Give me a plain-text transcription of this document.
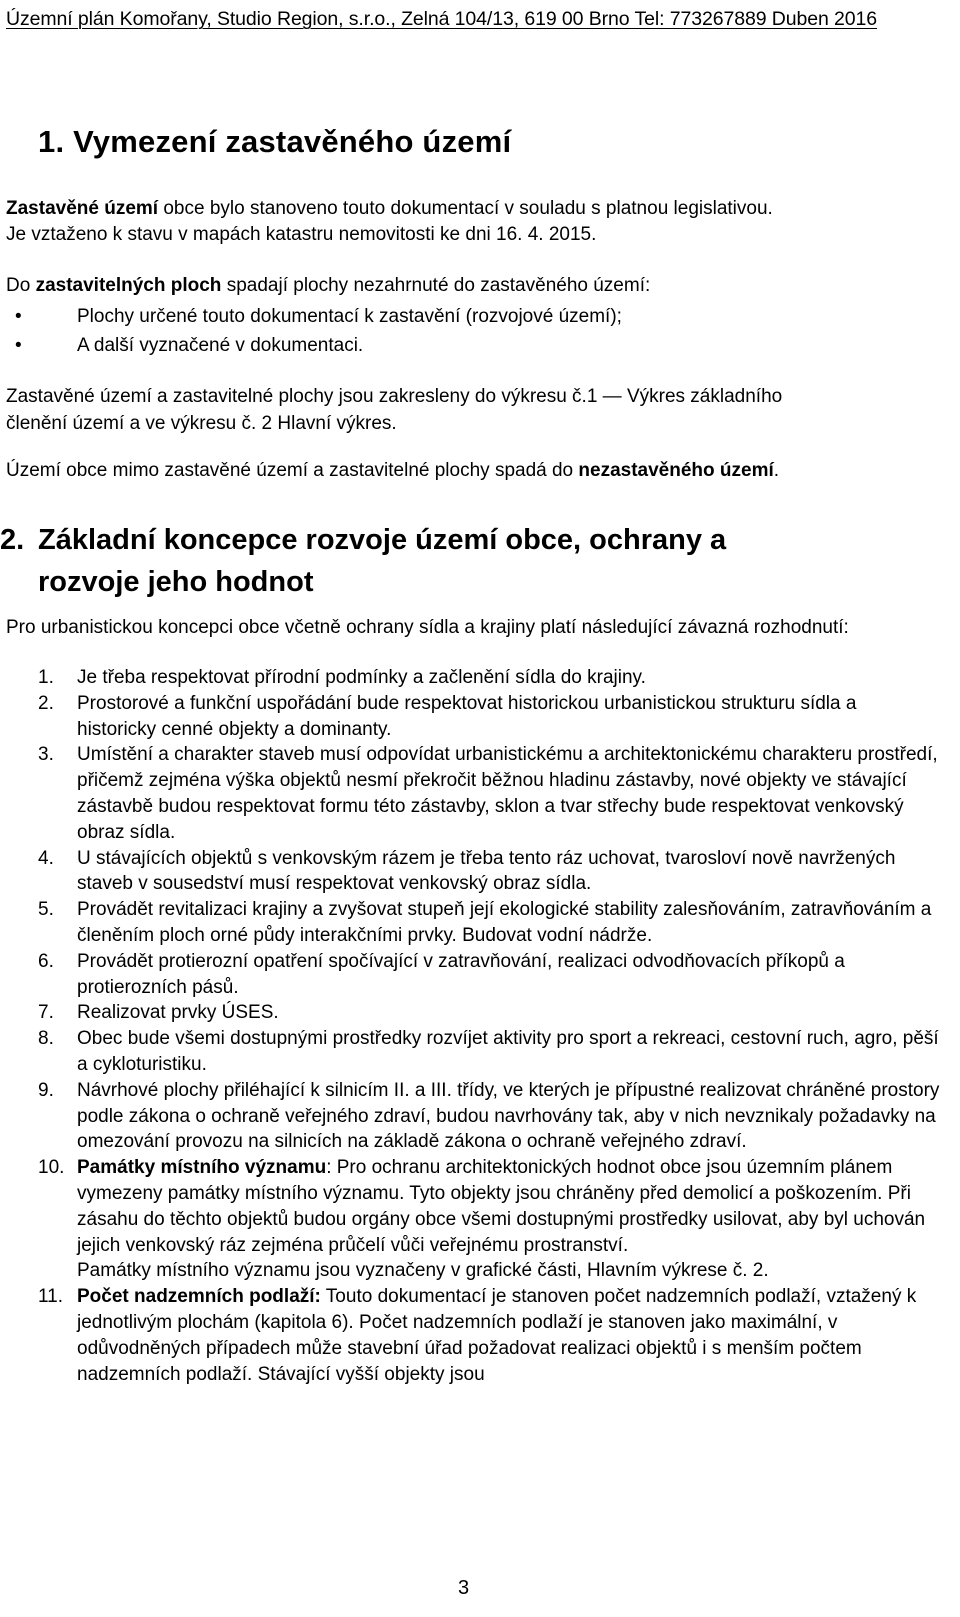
Územní plán Komořany, Studio Region, s.r.o., Zelná 104/13, 619 00 Brno Tel: 773267889 Duben 2016
1. Vymezení zastavěného území
Zastavěné území obce bylo stanoveno touto dokumentací v souladu s platnou legislativou.
Je vztaženo k stavu v mapách katastru nemovitosti ke dni 16. 4. 2015.
Do zastavitelných ploch spadají plochy nezahrnuté do zastavěného území:
•	Plochy určené touto dokumentací k zastavění (rozvojové území);
•	A další vyznačené v dokumentaci.
Zastavěné území a zastavitelné plochy jsou zakresleny do výkresu č.1 — Výkres základního
členění území a ve výkresu č. 2 Hlavní výkres.
Území obce mimo zastavěné území a zastavitelné plochy spadá do nezastavěného území.
2. Základní koncepce rozvoje území obce, ochrany a
rozvoje jeho hodnot
Pro urbanistickou koncepci obce včetně ochrany sídla a krajiny platí následující závazná rozhodnutí:
1. Je třeba respektovat přírodní podmínky a začlenění sídla do krajiny.
2. Prostorové a funkční uspořádání bude respektovat historickou urbanistickou strukturu sídla a historicky cenné objekty a dominanty.
3. Umístění a charakter staveb musí odpovídat urbanistickému a architektonickému charakteru prostředí, přičemž zejména výška objektů nesmí překročit běžnou hladinu zástavby, nové objekty ve stávající zástavbě budou respektovat formu této zástavby, sklon a tvar střechy bude respektovat venkovský obraz sídla.
4. U stávajících objektů s venkovským rázem je třeba tento ráz uchovat, tvarosloví nově navržených staveb v sousedství musí respektovat venkovský obraz sídla.
5. Provádět revitalizaci krajiny a zvyšovat stupeň její ekologické stability zalesňováním, zatravňováním a členěním ploch orné půdy interakčními prvky. Budovat vodní nádrže.
6. Provádět protierozní opatření spočívající v zatravňování, realizaci odvodňovacích příkopů a protierozních pásů.
7. Realizovat prvky ÚSES.
8. Obec bude všemi dostupnými prostředky rozvíjet aktivity pro sport a rekreaci, cestovní ruch, agro, pěší a cykloturistiku.
9. Návrhové plochy přiléhající k silnicím II. a III. třídy, ve kterých je přípustné realizovat chráněné prostory podle zákona o ochraně veřejného zdraví, budou navrhovány tak, aby v nich nevznikaly požadavky na omezování provozu na silnicích na základě zákona o ochraně veřejného zdraví.
10. Památky místního významu: Pro ochranu architektonických hodnot obce jsou územním plánem vymezeny památky místního významu. Tyto objekty jsou chráněny před demolicí a poškozením. Při zásahu do těchto objektů budou orgány obce všemi dostupnými prostředky usilovat, aby byl uchován jejich venkovský ráz zejména průčelí vůči veřejnému prostranství.
Památky místního významu jsou vyznačeny v grafické části, Hlavním výkrese č. 2.
11. Počet nadzemních podlaží: Touto dokumentací je stanoven počet nadzemních podlaží, vztažený k jednotlivým plochám (kapitola 6). Počet nadzemních podlaží je stanoven jako maximální, v odůvodněných případech může stavební úřad požadovat realizaci objektů i s menším počtem nadzemních podlaží. Stávající vyšší objekty jsou
3
